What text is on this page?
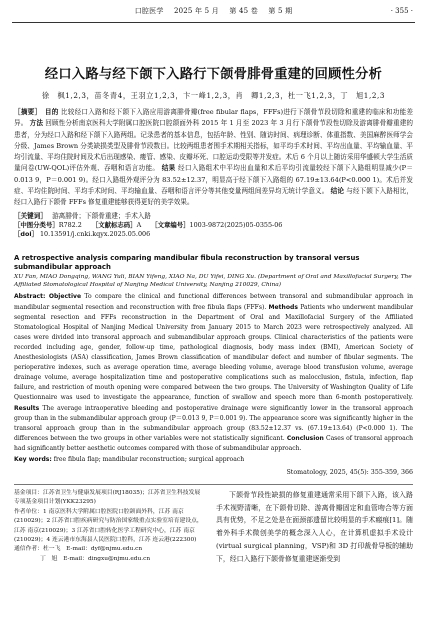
口腔医学 2025 年 5 月 第 45 卷 第 5 期	· 355 ·
经口入路与经下颌下入路行下颌骨腓骨重建的回顾性分析
徐　枫1,2,3，苗冬青4，王羽立1,2,3，卞一峰1,2,3，肖　卿1,2,3，杜一飞1,2,3，丁　旭1,2,3
［摘要］　目的 比较经口入路和经下颌下入路应用游离腓骨瓣(free fibular flaps，FFFs)进行下颌骨节段切除和重建的临床和功能差异。 方法 回顾性分析南京医科大学附属口腔医院口腔颌面外科 2015 年 1 月至 2023 年 3 月行下颌骨节段性切除及游离腓骨瓣重建的患者，分为经口入路和经下颌下入路两组。记录患者的基本信息，包括年龄、性别、随访时间、病理诊断、体重指数、美国麻醉医师学会分级、James Brown 分类缺损类型及腓骨节段数目。比较两组患者围手术期相关指标，如平均手术时间、平均出血量、平均输血量、平均引流量、平均住院时间及术后出现感染、瘘管、感染、皮瓣坏死、口腔运动受限等并发症。术后 6 个月以上随访采用华盛顿大学生活质量问卷(UW-QOL)评估外观、吞咽和语言功能。 结果 经口入路组术中平均出血量和术后平均引流量较经下颌下入路组明显减少(P＝0.013 9，P＝0.001 9)。经口入路组外观评分为 83.52±12.37，明显高于经下颌下入路组的 67.19±13.64(P<0.000 1)。术后并发症、平均住院时间、平均手术时间、平均输血量、吞咽和语言评分等其他变量两组间差异均无统计学意义。 结论 与经下颌下入路相比，经口入路行下颌骨 FFFs 修复重建能够获得更好的美学效果。
［关键词］ 游离腓骨；下颌骨重建；手术入路
［中图分类号］R782.2 ［文献标志码］A ［文章编号］1003-9872(2025)05-0355-06
［doi］ 10.13591/j.cnki.kqyx.2025.05.006
A retrospective analysis comparing mandibular fibula reconstruction by transoral versus submandibular approach
XU Fan, MIAO Dongqing, WANG Yuli, BIAN Yifeng, XIAO Na, DU Yifei, DING Xu. (Department of Oral and Maxillofacial Surgery, The Affiliated Stomatological Hospital of Nanjing Medical University, Nanjing 210029, China)
Abstract: Objective To compare the clinical and functional differences between transoral and submandibular approach in mandibular segmental resection and reconstruction with free fibula flaps (FFFs). Methods Patients who underwent mandibular segmental resection and FFFs reconstruction in the Department of Oral and Maxillofacial Surgery of the Affiliated Stomatological Hospital of Nanjing Medical University from January 2015 to March 2023 were retrospectively analyzed. All cases were divided into transoral approach and submandibular approach groups. Clinical characteristics of the patients were recorded including age, gender, follow-up time, pathological diagnosis, body mass index (BMI), American Society of Anesthesiologists (ASA) classification, James Brown classification of mandibular defect and number of fibular segments. The perioperative indexes, such as average operation time, average bleeding volume, average blood transfusion volume, average drainage volume, average hospitalization time and postoperative complications such as malocclusion, fistula, infection, flap failure, and restriction of mouth opening were compared between the two groups. The University of Washington Quality of Life Questionnaire was used to investigate the appearance, function of swallow and speech more than 6-month postoperatively. Results The average intraoperative bleeding and postoperative drainage were significantly lower in the transoral approach group than in the submandibular approach group (P＝0.013 9, P＝0.001 9). The appearance score was significantly higher in the transoral approach group than in the submandibular approach group (83.52±12.37 vs. (67.19±13.64) (P<0.000 1). The differences between the two groups in other variables were not statistically significant. Conclusion Cases of transoral approach had significantly better aesthetic outcomes compared with those of submandibular approach.
Key words: free fibula flap; mandibular reconstruction; surgical approach
Stomatology, 2025, 45(5): 355-359, 366
基金项目：江苏省卫生与健康发展项目(RJ18035)；江苏省卫生科技发展专项基金项目计划(YKK23295)
作者单位：1 南京医科大学附属口腔医院口腔颌面外科，江苏 南京(210029)；2 江苏省口腔疾病研究与防治国家级重点实验室培育建设点，江苏 南京(210029)；3 江苏省口腔转化医学工程研究中心，江苏 南京(210029)；4 连云港市东海县人民医院口腔科，江苏 连云港(222300)
通信作者：杜一飞　E-mail：dyf@njmu.edu.cn
丁　旭　E-mail：dingxu@njmu.edu.cn
下颌骨节段性缺损的修复重建通常采用下颌下入路，该入路手术视野清晰，在下颌骨切除、游离骨瓣固定和血管吻合等方面具有优势，不足之处是在面颈部遗留比较明显的手术瘢痕[1]。随着外科手术微创美学的概念深入人心，在计算机虚拟手术设计(virtual surgical planning，VSP)和 3D 打印裁骨导板的辅助下，经口入路行下颌骨修复重建逐渐受到
